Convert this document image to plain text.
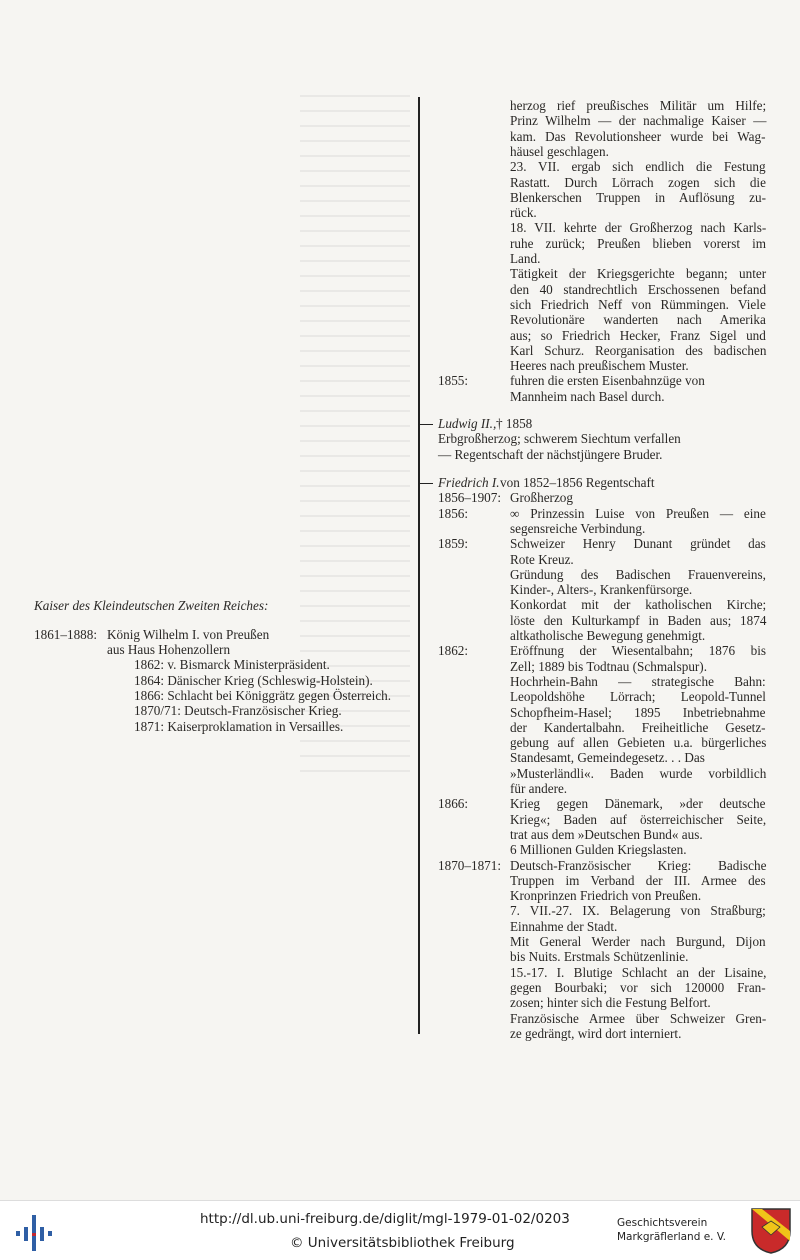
Kaiser des Kleindeutschen Zweiten Reiches:
1861–1888: König Wilhelm I. von Preußen
aus Haus Hohenzollern
1862: v. Bismarck Ministerpräsident.
1864: Dänischer Krieg (Schleswig-Holstein).
1866: Schlacht bei Königgrätz gegen Österreich.
1870/71: Deutsch-Französischer Krieg.
1871: Kaiserproklamation in Versailles.
herzog rief preußisches Militär um Hilfe;
Prinz Wilhelm — der nachmalige Kaiser —
kam. Das Revolutionsheer wurde bei Wag-
häusel geschlagen.
23. VII. ergab sich endlich die Festung
Rastatt. Durch Lörrach zogen sich die
Blenkerschen Truppen in Auflösung zu-
rück.
18. VII. kehrte der Großherzog nach Karls-
ruhe zurück; Preußen blieben vorerst im
Land.
Tätigkeit der Kriegsgerichte begann; unter
den 40 standrechtlich Erschossenen befand
sich Friedrich Neff von Rümmingen. Viele
Revolutionäre wanderten nach Amerika
aus; so Friedrich Hecker, Franz Sigel und
Karl Schurz. Reorganisation des badischen
Heeres nach preußischem Muster.
1855:	fuhren die ersten Eisenbahnzüge von
Mannheim nach Basel durch.
Ludwig II., † 1858
Erbgroßherzog; schwerem Siechtum verfallen
— Regentschaft der nächstjüngere Bruder.
Friedrich I. von 1852–1856 Regentschaft
1856–1907: Großherzog
1856:	∞ Prinzessin Luise von Preußen — eine
segensreiche Verbindung.
1859:	Schweizer Henry Dunant gründet das
Rote Kreuz.
Gründung des Badischen Frauenvereins,
Kinder-, Alters-, Krankenfürsorge.
Konkordat mit der katholischen Kirche;
löste den Kulturkampf in Baden aus; 1874
altkatholische Bewegung genehmigt.
1862:	Eröffnung der Wiesentalbahn; 1876 bis
Zell; 1889 bis Todtnau (Schmalspur).
Hochrhein-Bahn — strategische Bahn:
Leopoldshöhe Lörrach; Leopold-Tunnel
Schopfheim-Hasel; 1895 Inbetriebnahme
der Kandertalbahn. Freiheitliche Gesetz-
gebung auf allen Gebieten u.a. bürgerliches
Standesamt, Gemeindegesetz. . . Das
»Musterländli«. Baden wurde vorbildlich
für andere.
1866:	Krieg gegen Dänemark, »der deutsche
Krieg«; Baden auf österreichischer Seite,
trat aus dem »Deutschen Bund« aus.
6 Millionen Gulden Kriegslasten.
1870–1871: Deutsch-Französischer Krieg: Badische
Truppen im Verband der III. Armee des
Kronprinzen Friedrich von Preußen.
7. VII.-27. IX. Belagerung von Straßburg;
Einnahme der Stadt.
Mit General Werder nach Burgund, Dijon
bis Nuits. Erstmals Schützenlinie.
15.-17. I. Blutige Schlacht an der Lisaine,
gegen Bourbaki; vor sich 120000 Fran-
zosen; hinter sich die Festung Belfort.
Französische Armee über Schweizer Gren-
ze gedrängt, wird dort interniert.
http://dl.ub.uni-freiburg.de/diglit/mgl-1979-01-02/0203
© Universitätsbibliothek Freiburg
Geschichtsverein
Markgräflerland e. V.
